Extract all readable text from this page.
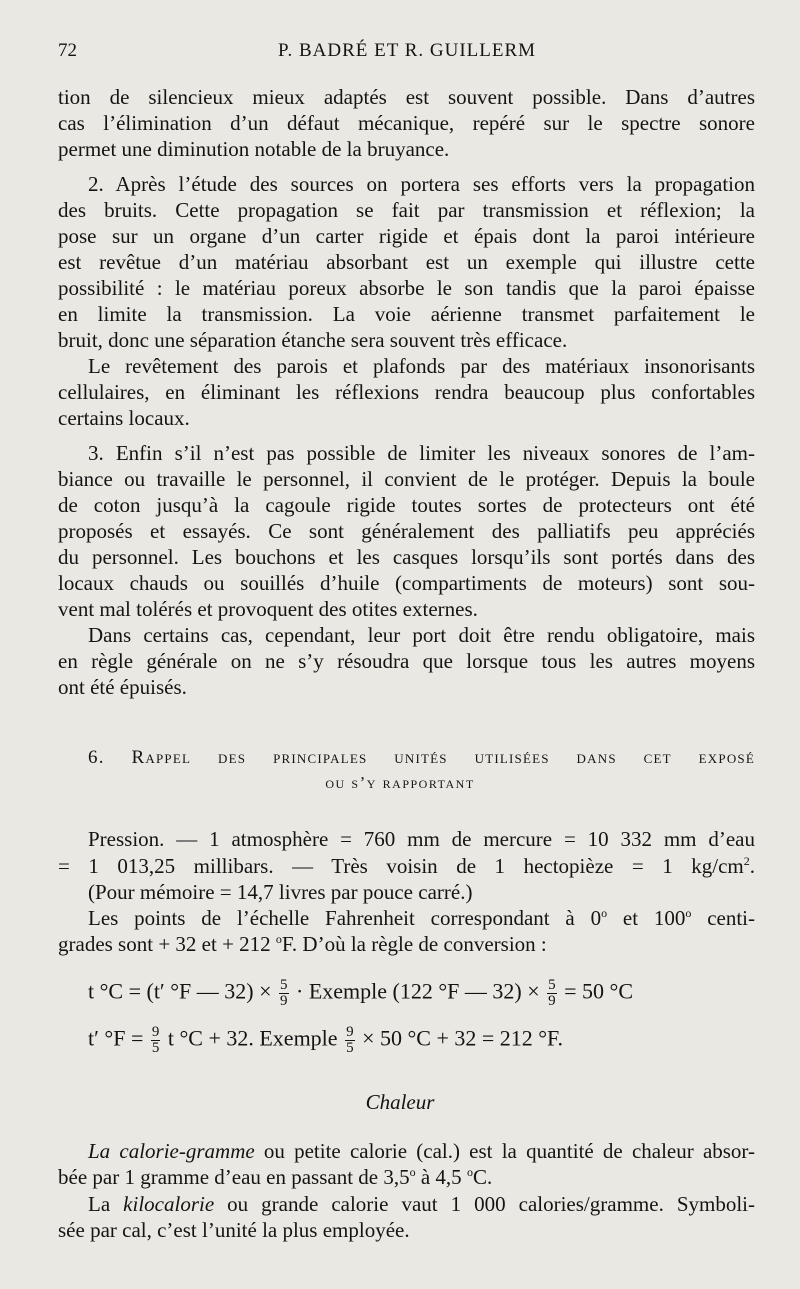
72	P. BADRÉ ET R. GUILLERM
tion de silencieux mieux adaptés est souvent possible. Dans d’autres
cas l’élimination d’un défaut mécanique, repéré sur le spectre sonore
permet une diminution notable de la bruyance.
2. Après l’étude des sources on portera ses efforts vers la propagation
des bruits. Cette propagation se fait par transmission et réflexion; la
pose sur un organe d’un carter rigide et épais dont la paroi intérieure
est revêtue d’un matériau absorbant est un exemple qui illustre cette
possibilité : le matériau poreux absorbe le son tandis que la paroi épaisse
en limite la transmission. La voie aérienne transmet parfaitement le
bruit, donc une séparation étanche sera souvent très efficace.
Le revêtement des parois et plafonds par des matériaux insonorisants
cellulaires, en éliminant les réflexions rendra beaucoup plus confortables
certains locaux.
3. Enfin s’il n’est pas possible de limiter les niveaux sonores de l’am-
biance ou travaille le personnel, il convient de le protéger. Depuis la boule
de coton jusqu’à la cagoule rigide toutes sortes de protecteurs ont été
proposés et essayés. Ce sont généralement des palliatifs peu appréciés
du personnel. Les bouchons et les casques lorsqu’ils sont portés dans des
locaux chauds ou souillés d’huile (compartiments de moteurs) sont sou-
vent mal tolérés et provoquent des otites externes.
Dans certains cas, cependant, leur port doit être rendu obligatoire, mais
en règle générale on ne s’y résoudra que lorsque tous les autres moyens
ont été épuisés.
6. Rappel des principales unités utilisées dans cet exposé
ou s’y rapportant
Pression. — 1 atmosphère = 760 mm de mercure = 10 332 mm d’eau
= 1 013,25 millibars. — Très voisin de 1 hectopièze = 1 $kg/cm^2$.
(Pour mémoire = 14,7 livres par pouce carré.)
Les points de l’échelle Fahrenheit correspondant à 0$^o$ et 100$^o$ centi-
grades sont + 32 et + 212 $^o$F. D’où la règle de conversion :
t °C = (t′ °F — $32) \times \frac{5}{9}$ · Exemple (122 °F — $32) \times \frac{5}{9} = 50$ °C
t′ $^\circ F = \frac{9}{5}$ t °C + 32. Exemple $\frac{9}{5} \times 50$ °C + 32 = 212 °F.
Chaleur
La calorie-gramme ou petite calorie (cal.) est la quantité de chaleur absor-
bée par 1 gramme d’eau en passant de 3,5$^o$ à 4,5 $^o$C.
La kilocalorie ou grande calorie vaut 1 000 calories/gramme. Symboli-
sée par cal, c’est l’unité la plus employée.
